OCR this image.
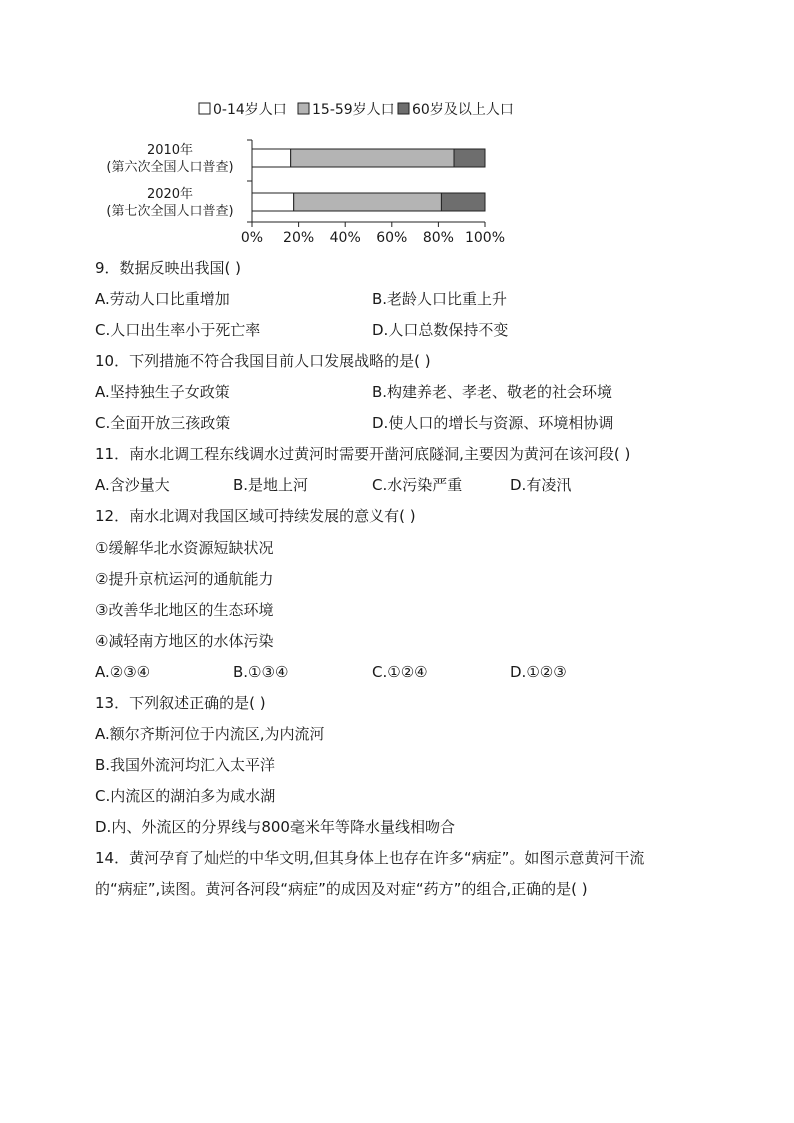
0-14岁人口 15-59岁人口 60岁及以上人口
2010年
(第六次全国人口普查)
2020年
(第七次全国人口普查)
0% 20% 40% 60% 80% 100%
9．数据反映出我国( )
A.劳动人口比重增加	B.老龄人口比重上升
C.人口出生率小于死亡率	D.人口总数保持不变
10．下列措施不符合我国目前人口发展战略的是( )
A.坚持独生子女政策	B.构建养老、孝老、敬老的社会环境
C.全面开放三孩政策	D.使人口的增长与资源、环境相协调
11．南水北调工程东线调水过黄河时需要开凿河底隧洞,主要因为黄河在该河段( )
A.含沙量大	B.是地上河	C.水污染严重	D.有凌汛
12．南水北调对我国区域可持续发展的意义有( )
①缓解华北水资源短缺状况
②提升京杭运河的通航能力
③改善华北地区的生态环境
④减轻南方地区的水体污染
A.②③④	B.①③④	C.①②④	D.①②③
13．下列叙述正确的是( )
A.额尔齐斯河位于内流区,为内流河
B.我国外流河均汇入太平洋
C.内流区的湖泊多为咸水湖
D.内、外流区的分界线与800毫米年等降水量线相吻合
14．黄河孕育了灿烂的中华文明,但其身体上也存在许多“病症”。如图示意黄河干流
的“病症”,读图。黄河各河段“病症”的成因及对症“药方”的组合,正确的是( )
